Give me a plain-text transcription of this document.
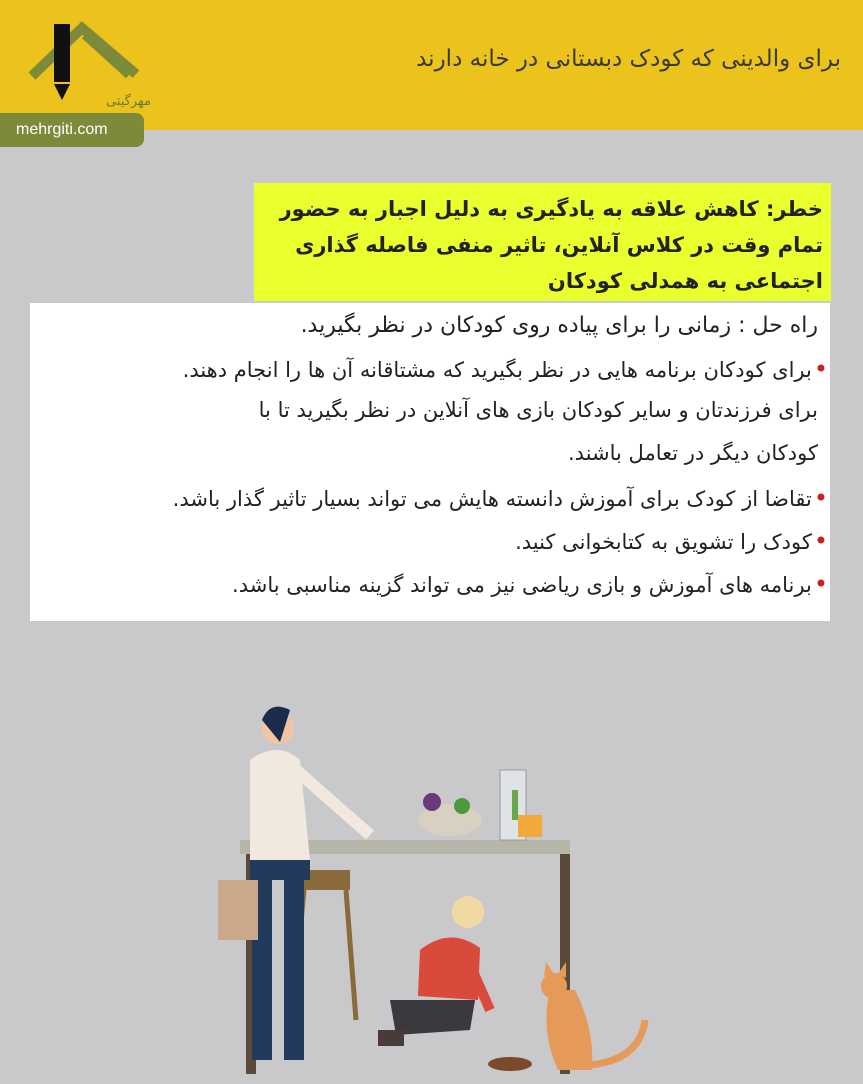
مهرگیتی
برای والدینی که کودک دبستانی در خانه دارند
mehrgiti.com
خطر: کاهش علاقه به یادگیری به دلیل اجبار به حضور تمام وقت در کلاس آنلاین، تاثیر منفی فاصله گذاری اجتماعی به همدلی کودکان
راه حل : زمانی را برای پیاده روی کودکان در نظر بگیرید.
•برای کودکان برنامه هایی در نظر بگیرید که مشتاقانه آن ها را انجام دهند.
برای فرزندتان و سایر کودکان بازی های آنلاین در نظر بگیرید تا با
کودکان دیگر در تعامل باشند.
•تقاضا از کودک برای آموزش دانسته هایش می تواند بسیار تاثیر گذار باشد.
•کودک را تشویق به کتابخوانی کنید.
•برنامه های آموزش و بازی ریاضی نیز می تواند گزینه مناسبی باشد.
